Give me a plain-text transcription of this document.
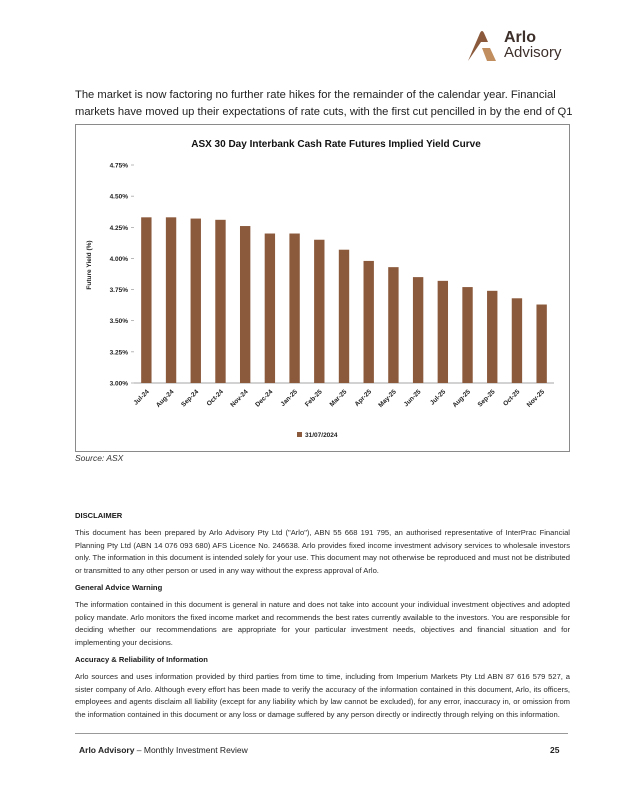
Arlo
Advisory
The market is now factoring no further rate hikes for the remainder of the calendar year. Financial markets have moved up their expectations of rate cuts, with the first cut pencilled in by the end of Q1
ASX 30 Day Interbank Cash Rate Futures Implied Yield Curve
Future Yield (%)
3.00%
3.25%
3.50%
3.75%
4.00%
4.25%
4.50%
4.75%
Jul-24 Aug-24 Sep-24 Oct-24 Nov-24 Dec-24 Jan-25 Feb-25 Mar-25 Apr-25 May-25 Jun-25 Jul-25 Aug-25 Sep-25 Oct-25 Nov-25
31/07/2024
Source: ASX
DISCLAIMER

This document has been prepared by Arlo Advisory Pty Ltd ("Arlo"), ABN 55 668 191 795, an authorised representative of InterPrac Financial Planning Pty Ltd (ABN 14 076 093 680) AFS Licence No. 246638. Arlo provides fixed income investment advisory services to wholesale investors only. The information in this document is intended solely for your use. This document may not otherwise be reproduced and must not be distributed or transmitted to any other person or used in any way without the express approval of Arlo.

General Advice Warning

The information contained in this document is general in nature and does not take into account your individual investment objectives and adopted policy mandate. Arlo monitors the fixed income market and recommends the best rates currently available to the investors. You are responsible for deciding whether our recommendations are appropriate for your particular investment needs, objectives and financial situation and for implementing your decisions.

Accuracy & Reliability of Information

Arlo sources and uses information provided by third parties from time to time, including from Imperium Markets Pty Ltd ABN 87 616 579 527, a sister company of Arlo. Although every effort has been made to verify the accuracy of the information contained in this document, Arlo, its officers, employees and agents disclaim all liability (except for any liability which by law cannot be excluded), for any error, inaccuracy in, or omission from the information contained in this document or any loss or damage suffered by any person directly or indirectly through relying on this information.

Arlo Advisory – Monthly Investment Review	25
